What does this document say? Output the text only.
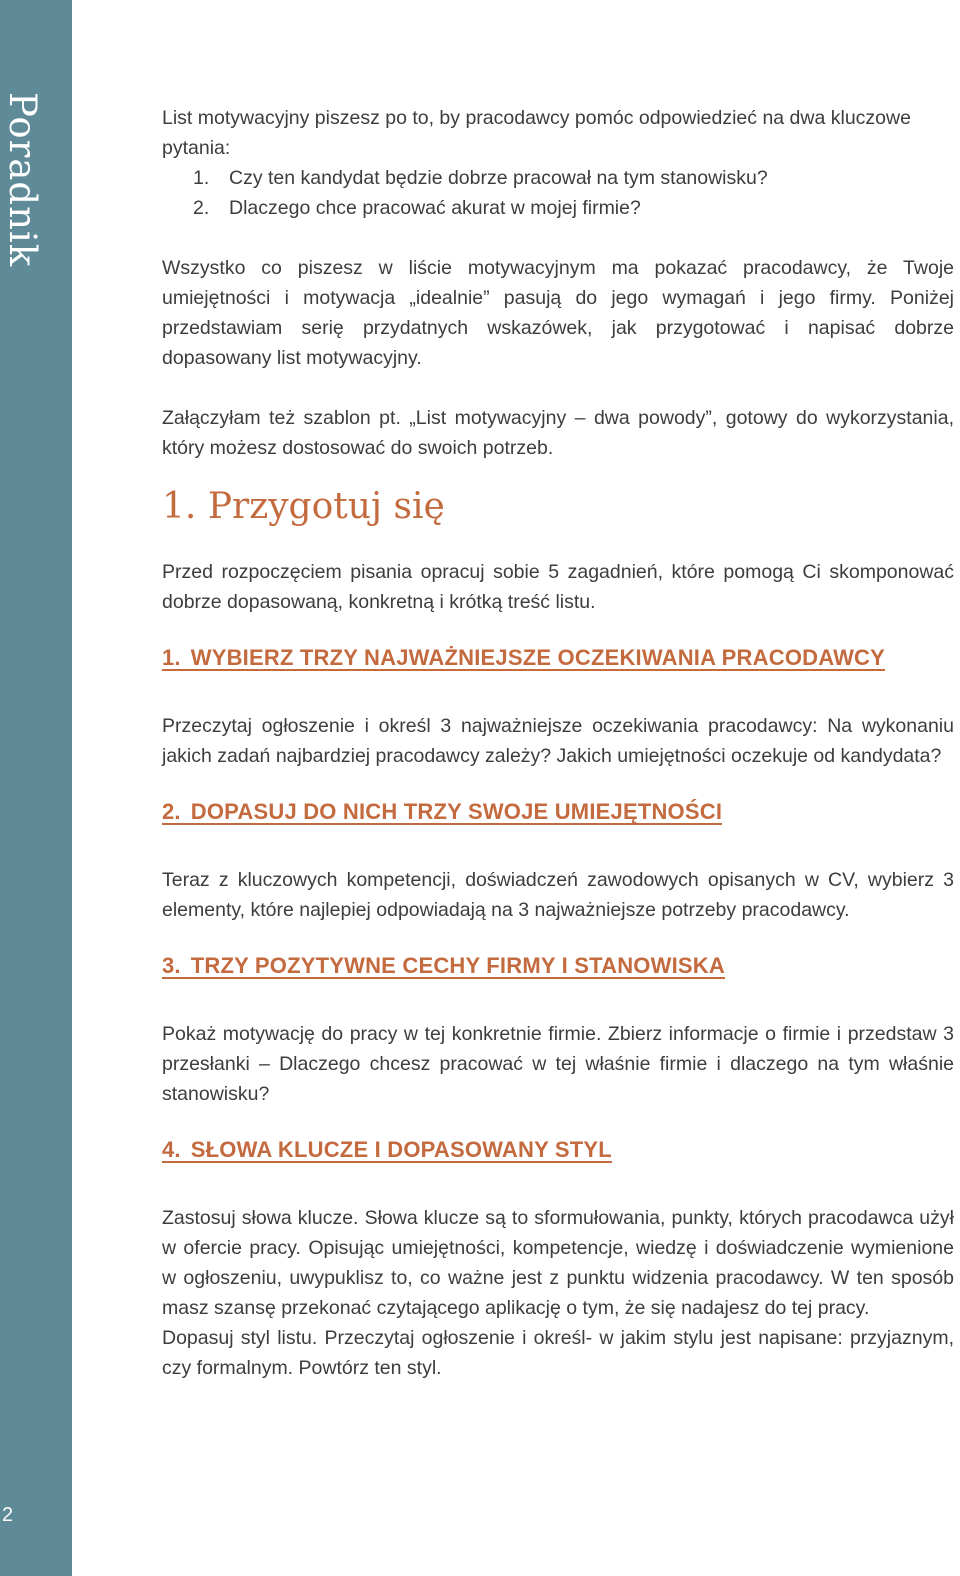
Poradnik
2

List motywacyjny piszesz po to, by pracodawcy pomóc odpowiedzieć na dwa kluczowe pytania:

1. Czy ten kandydat będzie dobrze pracował na tym stanowisku?
2. Dlaczego chce pracować akurat w mojej firmie?

Wszystko co piszesz w liście motywacyjnym ma pokazać pracodawcy, że Twoje umiejętności i motywacja „idealnie” pasują do jego wymagań i jego firmy. Poniżej przedstawiam serię przydatnych wskazówek, jak przygotować i napisać dobrze dopasowany list motywacyjny.

Załączyłam też szablon pt. „List motywacyjny – dwa powody”, gotowy do wykorzystania, który możesz dostosować do swoich potrzeb.

1. Przygotuj się

Przed rozpoczęciem pisania opracuj sobie 5 zagadnień, które pomogą Ci skomponować dobrze dopasowaną, konkretną i krótką treść listu.

1. WYBIERZ TRZY NAJWAŻNIEJSZE OCZEKIWANIA PRACODAWCY

Przeczytaj ogłoszenie i określ 3 najważniejsze oczekiwania pracodawcy: Na wykonaniu jakich zadań najbardziej pracodawcy zależy? Jakich umiejętności oczekuje od kandydata?

2. DOPASUJ DO NICH TRZY SWOJE UMIEJĘTNOŚCI

Teraz z kluczowych kompetencji, doświadczeń zawodowych opisanych w CV, wybierz 3 elementy, które najlepiej odpowiadają na 3 najważniejsze potrzeby pracodawcy.

3. TRZY POZYTYWNE CECHY FIRMY I STANOWISKA

Pokaż motywację do pracy w tej konkretnie firmie. Zbierz informacje o firmie i przedstaw 3 przesłanki – Dlaczego chcesz pracować w tej właśnie firmie i dlaczego na tym właśnie stanowisku?

4. SŁOWA KLUCZE I DOPASOWANY STYL

Zastosuj słowa klucze. Słowa klucze są to sformułowania, punkty, których pracodawca użył w ofercie pracy. Opisując umiejętności, kompetencje, wiedzę i doświadczenie wymienione w ogłoszeniu, uwypuklisz to, co ważne jest z punktu widzenia pracodawcy. W ten sposób masz szansę przekonać czytającego aplikację o tym, że się nadajesz do tej pracy.

Dopasuj styl listu. Przeczytaj ogłoszenie i określ- w jakim stylu jest napisane: przyjaznym, czy formalnym. Powtórz ten styl.
